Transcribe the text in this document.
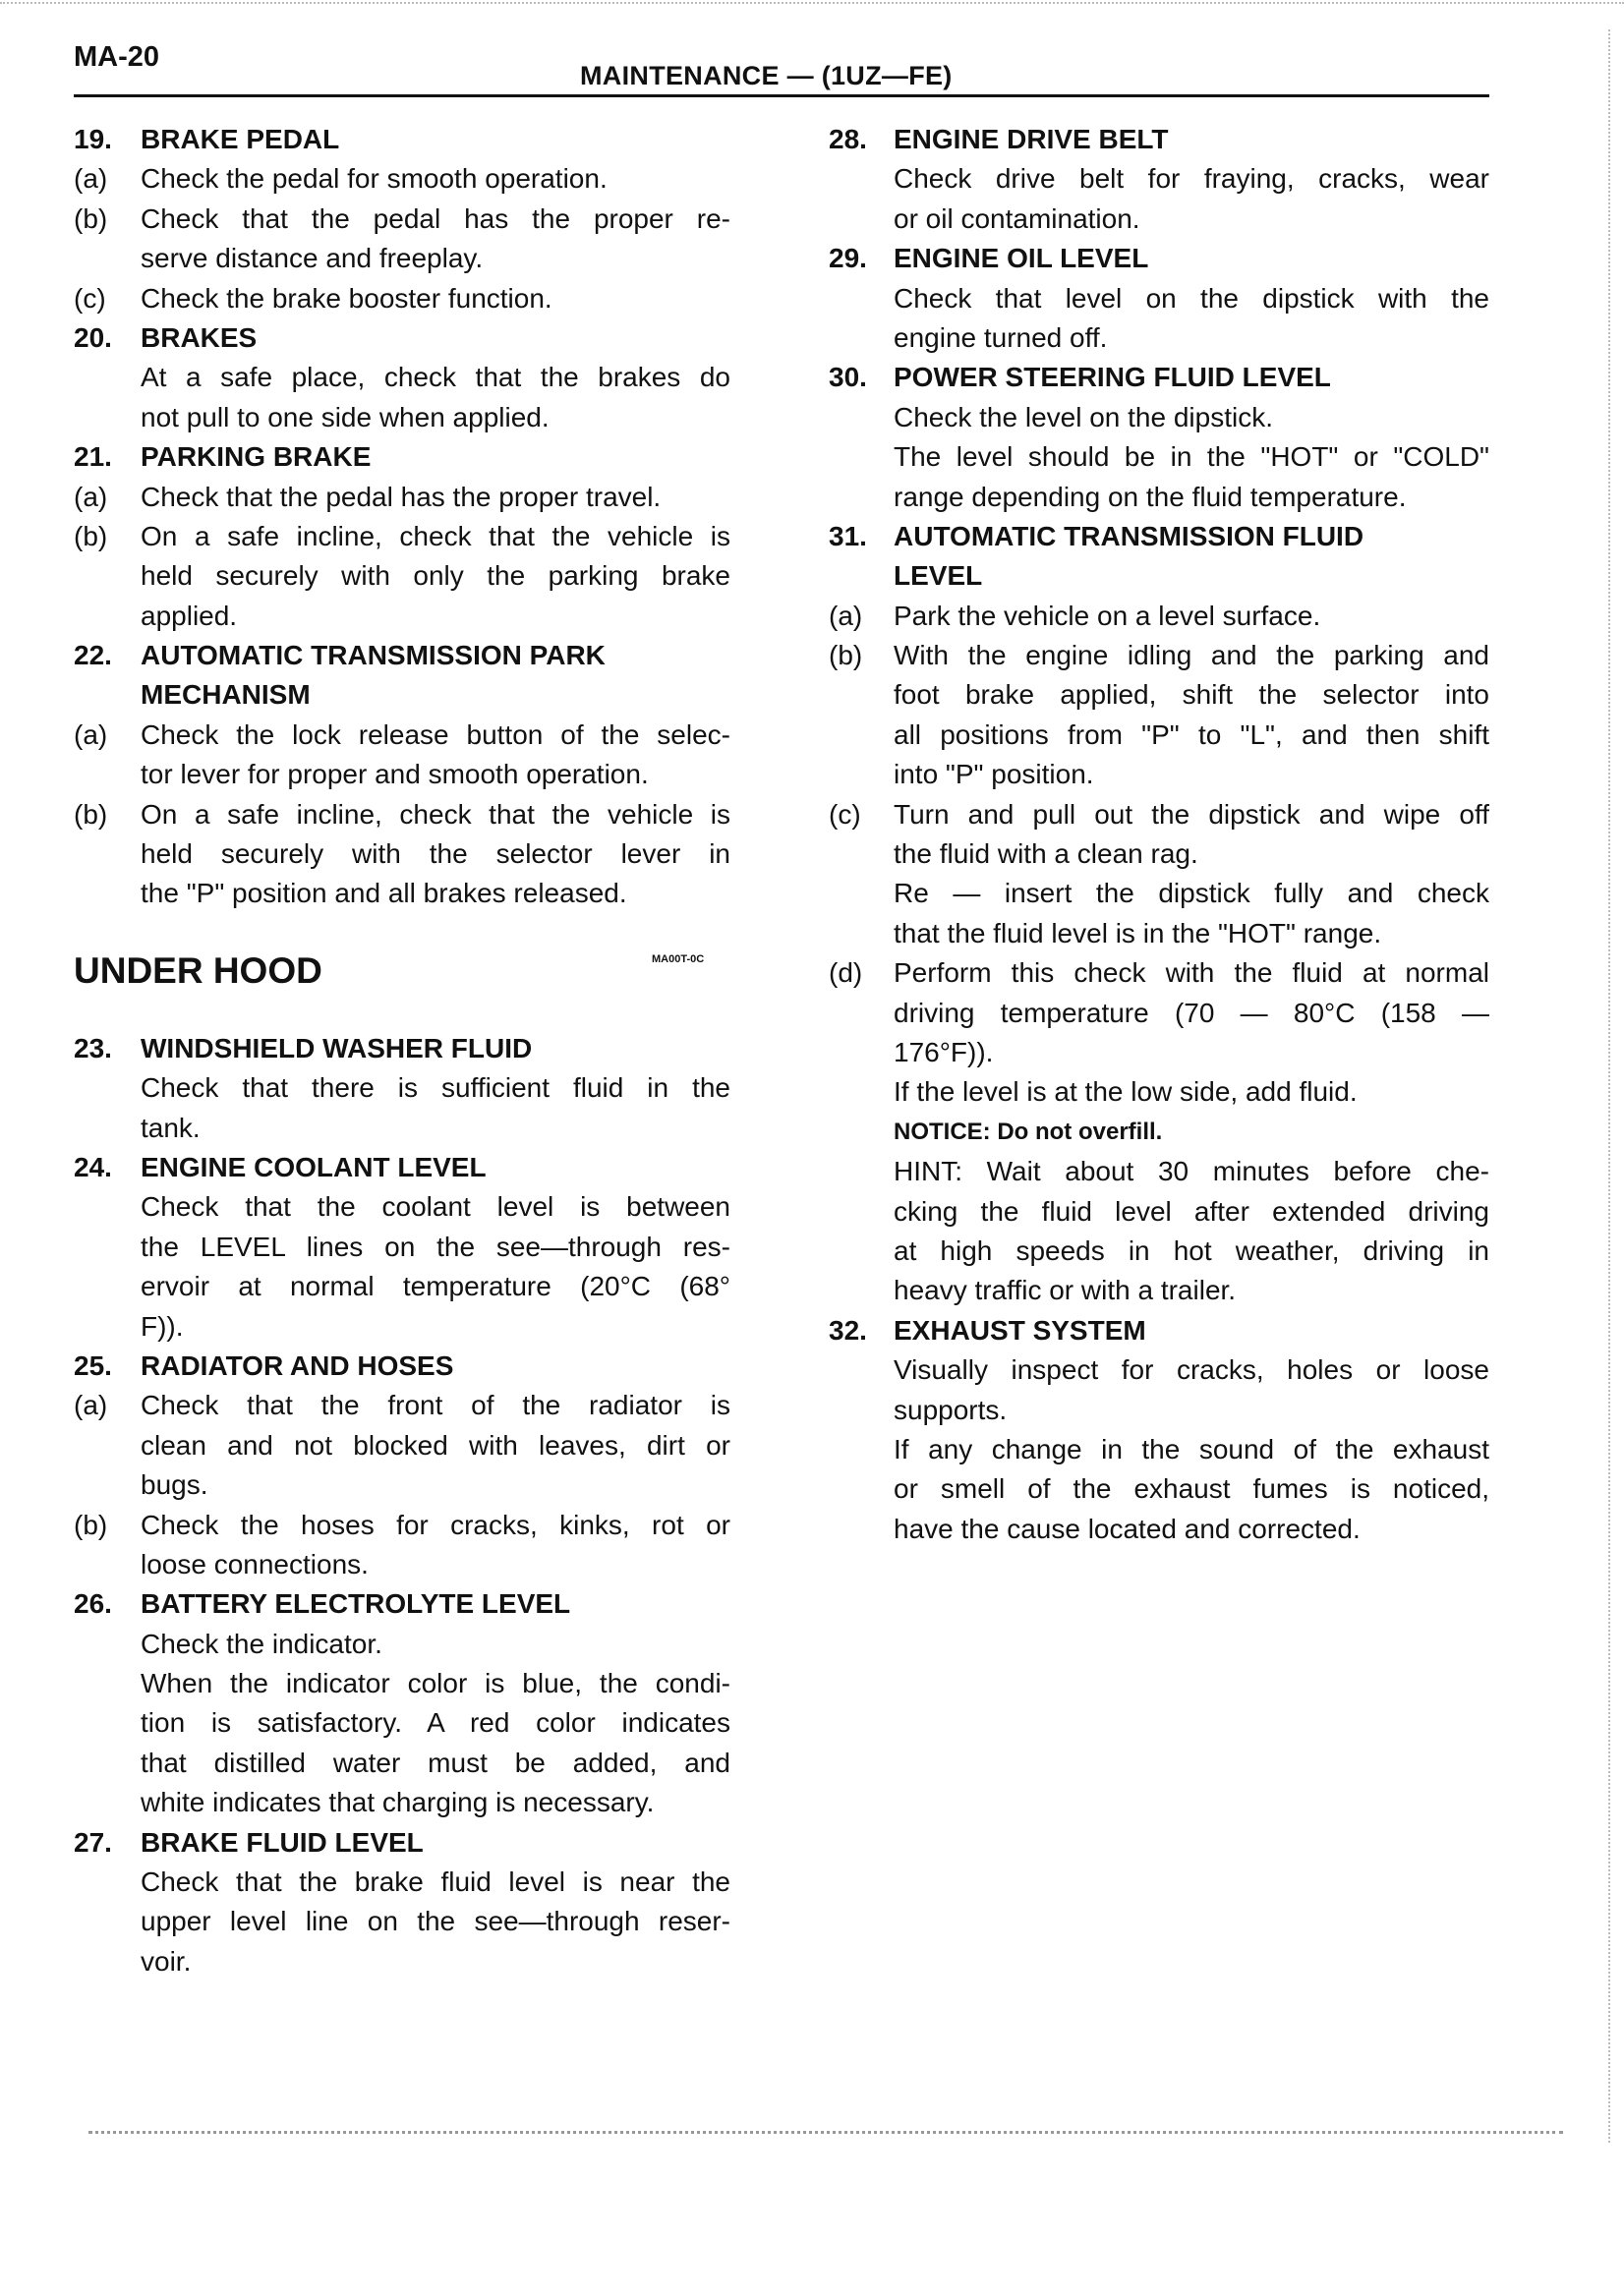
MA-20
MAINTENANCE — (1UZ—FE)
19. BRAKE PEDAL
(a) Check the pedal for smooth operation.
(b) Check that the pedal has the proper re-
serve distance and freeplay.
(c) Check the brake booster function.
20. BRAKES
At a safe place, check that the brakes do
not pull to one side when applied.
21. PARKING BRAKE
(a) Check that the pedal has the proper travel.
(b) On a safe incline, check that the vehicle is
held securely with only the parking brake
applied.
22. AUTOMATIC TRANSMISSION PARK
MECHANISM
(a) Check the lock release button of the selec-
tor lever for proper and smooth operation.
(b) On a safe incline, check that the vehicle is
held securely with the selector lever in
the "P" position and all brakes released.
UNDER HOOD	MA00T-0C
23. WINDSHIELD WASHER FLUID
Check that there is sufficient fluid in the
tank.
24. ENGINE COOLANT LEVEL
Check that the coolant level is between
the LEVEL lines on the see—through res-
ervoir at normal temperature (20°C (68°
F)).
25. RADIATOR AND HOSES
(a) Check that the front of the radiator is
clean and not blocked with leaves, dirt or
bugs.
(b) Check the hoses for cracks, kinks, rot or
loose connections.
26. BATTERY ELECTROLYTE LEVEL
Check the indicator.
When the indicator color is blue, the condi-
tion is satisfactory. A red color indicates
that distilled water must be added, and
white indicates that charging is necessary.
27. BRAKE FLUID LEVEL
Check that the brake fluid level is near the
upper level line on the see—through reser-
voir.
28. ENGINE DRIVE BELT
Check drive belt for fraying, cracks, wear
or oil contamination.
29. ENGINE OIL LEVEL
Check that level on the dipstick with the
engine turned off.
30. POWER STEERING FLUID LEVEL
Check the level on the dipstick.
The level should be in the "HOT" or "COLD"
range depending on the fluid temperature.
31. AUTOMATIC TRANSMISSION FLUID
LEVEL
(a) Park the vehicle on a level surface.
(b) With the engine idling and the parking and
foot brake applied, shift the selector into
all positions from "P" to "L", and then shift
into "P" position.
(c) Turn and pull out the dipstick and wipe off
the fluid with a clean rag.
Re — insert the dipstick fully and check
that the fluid level is in the "HOT" range.
(d) Perform this check with the fluid at normal
driving temperature (70 — 80°C (158 —
176°F)).
If the level is at the low side, add fluid.
NOTICE: Do not overfill.
HINT: Wait about 30 minutes before che-
cking the fluid level after extended driving
at high speeds in hot weather, driving in
heavy traffic or with a trailer.
32. EXHAUST SYSTEM
Visually inspect for cracks, holes or loose
supports.
If any change in the sound of the exhaust
or smell of the exhaust fumes is noticed,
have the cause located and corrected.
